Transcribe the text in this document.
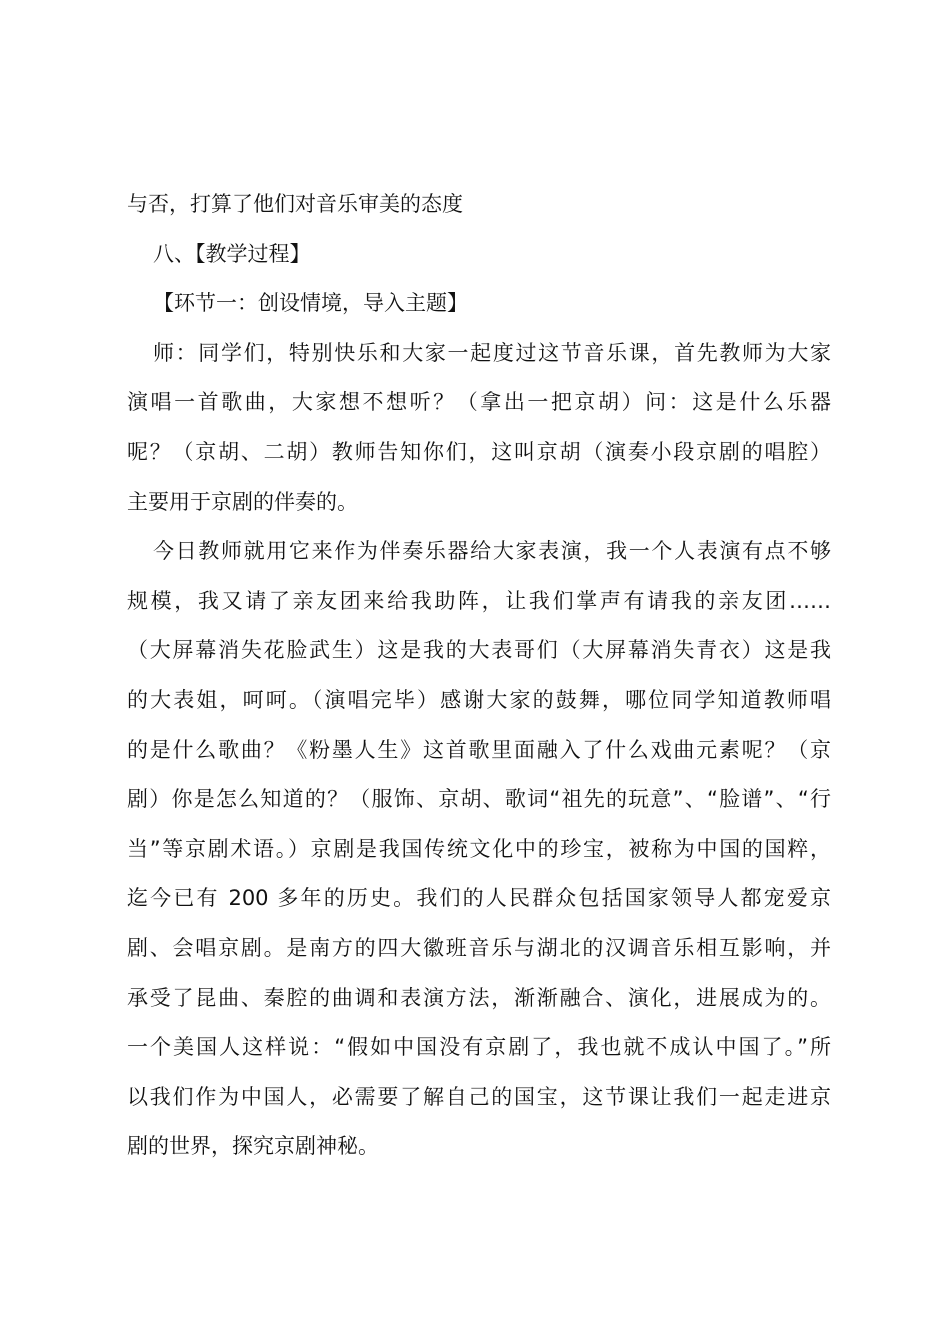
与否，打算了他们对音乐审美的态度
八、【教学过程】
【环节一：创设情境，导入主题】
师：同学们，特别快乐和大家一起度过这节音乐课，首先教师为大家
演唱一首歌曲，大家想不想听？（拿出一把京胡）问：这是什么乐器
呢？（京胡、二胡）教师告知你们，这叫京胡（演奏小段京剧的唱腔）
主要用于京剧的伴奏的。
今日教师就用它来作为伴奏乐器给大家表演，我一个人表演有点不够
规模，我又请了亲友团来给我助阵，让我们掌声有请我的亲友团……
（大屏幕消失花脸武生）这是我的大表哥们（大屏幕消失青衣）这是我
的大表姐，呵呵。（演唱完毕）感谢大家的鼓舞，哪位同学知道教师唱
的是什么歌曲？《粉墨人生》这首歌里面融入了什么戏曲元素呢？（京
剧）你是怎么知道的？（服饰、京胡、歌词“祖先的玩意”、“脸谱”、“行
当”等京剧术语。）京剧是我国传统文化中的珍宝，被称为中国的国粹，
迄今已有 200 多年的历史。我们的人民群众包括国家领导人都宠爱京
剧、会唱京剧。是南方的四大徽班音乐与湖北的汉调音乐相互影响，并
承受了昆曲、秦腔的曲调和表演方法，渐渐融合、演化，进展成为的。
一个美国人这样说：“假如中国没有京剧了，我也就不成认中国了。”所
以我们作为中国人，必需要了解自己的国宝，这节课让我们一起走进京
剧的世界，探究京剧神秘。
